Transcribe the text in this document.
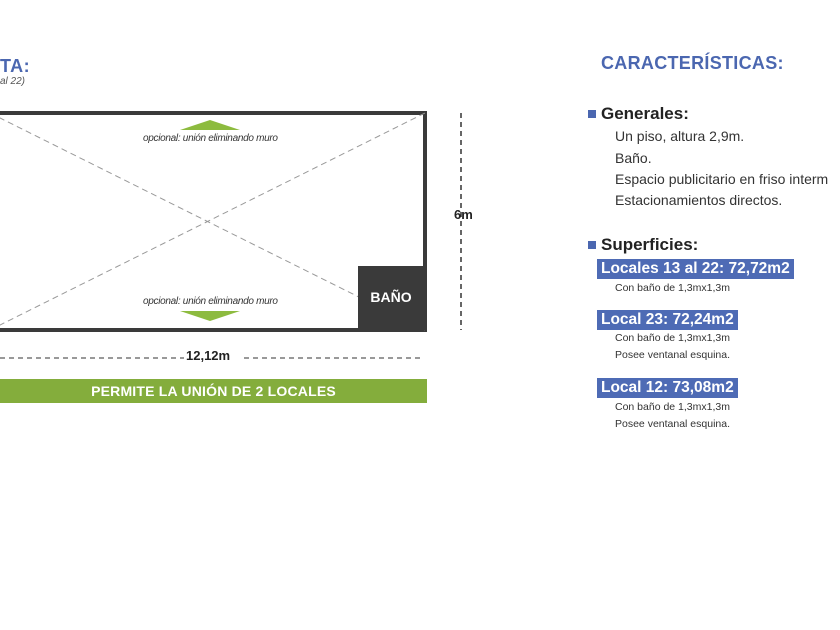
TA:
al 22)
opcional: unión eliminando muro
opcional: unión eliminando muro	BAÑO
6m
12,12m
PERMITE LA UNIÓN DE 2 LOCALES
CARACTERÍSTICAS:
Generales:
Un piso, altura 2,9m.
Baño.
Espacio publicitario en friso interm
Estacionamientos directos.
Superficies:
Locales 13 al 22: 72,72m2
Con baño de 1,3mx1,3m
Local 23: 72,24m2
Con baño de 1,3mx1,3m
Posee ventanal esquina.
Local 12: 73,08m2
Con baño de 1,3mx1,3m
Posee ventanal esquina.
